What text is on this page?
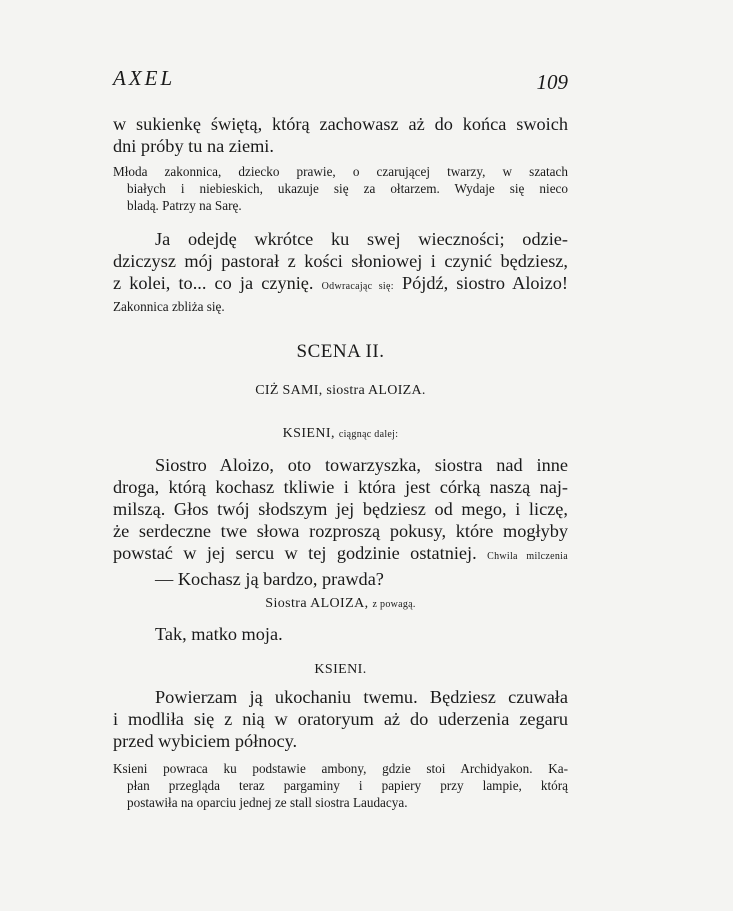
AXEL	109

w sukienkę świętą, którą zachowasz aż do końca swoich
dni próby tu na ziemi.

Młoda zakonnica, dziecko prawie, o czarującej twarzy, w szatach
białych i niebieskich, ukazuje się za ołtarzem. Wydaje się nieco
bladą. Patrzy na Sarę.

Ja odejdę wkrótce ku swej wieczności; odzie-
dziczysz mój pastorał z kości słoniowej i czynić będziesz,
z kolei, to... co ja czynię. Odwracając się: Pójdź, siostro Aloizo!
Zakonnica zbliża się.

SCENA II.
CIŻ SAMI, siostra ALOIZA.
KSIENI, ciągnąc dalej:

Siostro Aloizo, oto towarzyszka, siostra nad inne
droga, którą kochasz tkliwie i która jest córką naszą naj-
milszą. Głos twój słodszym jej będziesz od mego, i liczę,
że serdeczne twe słowa rozproszą pokusy, które mogłyby
powstać w jej sercu w tej godzinie ostatniej. Chwila milczenia
— Kochasz ją bardzo, prawda?

Siostra ALOIZA, z powagą.

Tak, matko moja.

KSIENI.

Powierzam ją ukochaniu twemu. Będziesz czuwała
i modliła się z nią w oratoryum aż do uderzenia zegaru
przed wybiciem północy.

Ksieni powraca ku podstawie ambony, gdzie stoi Archidyakon. Ka-
płan przegląda teraz pargaminy i papiery przy lampie, którą
postawiła na oparciu jednej ze stall siostra Laudacya.
